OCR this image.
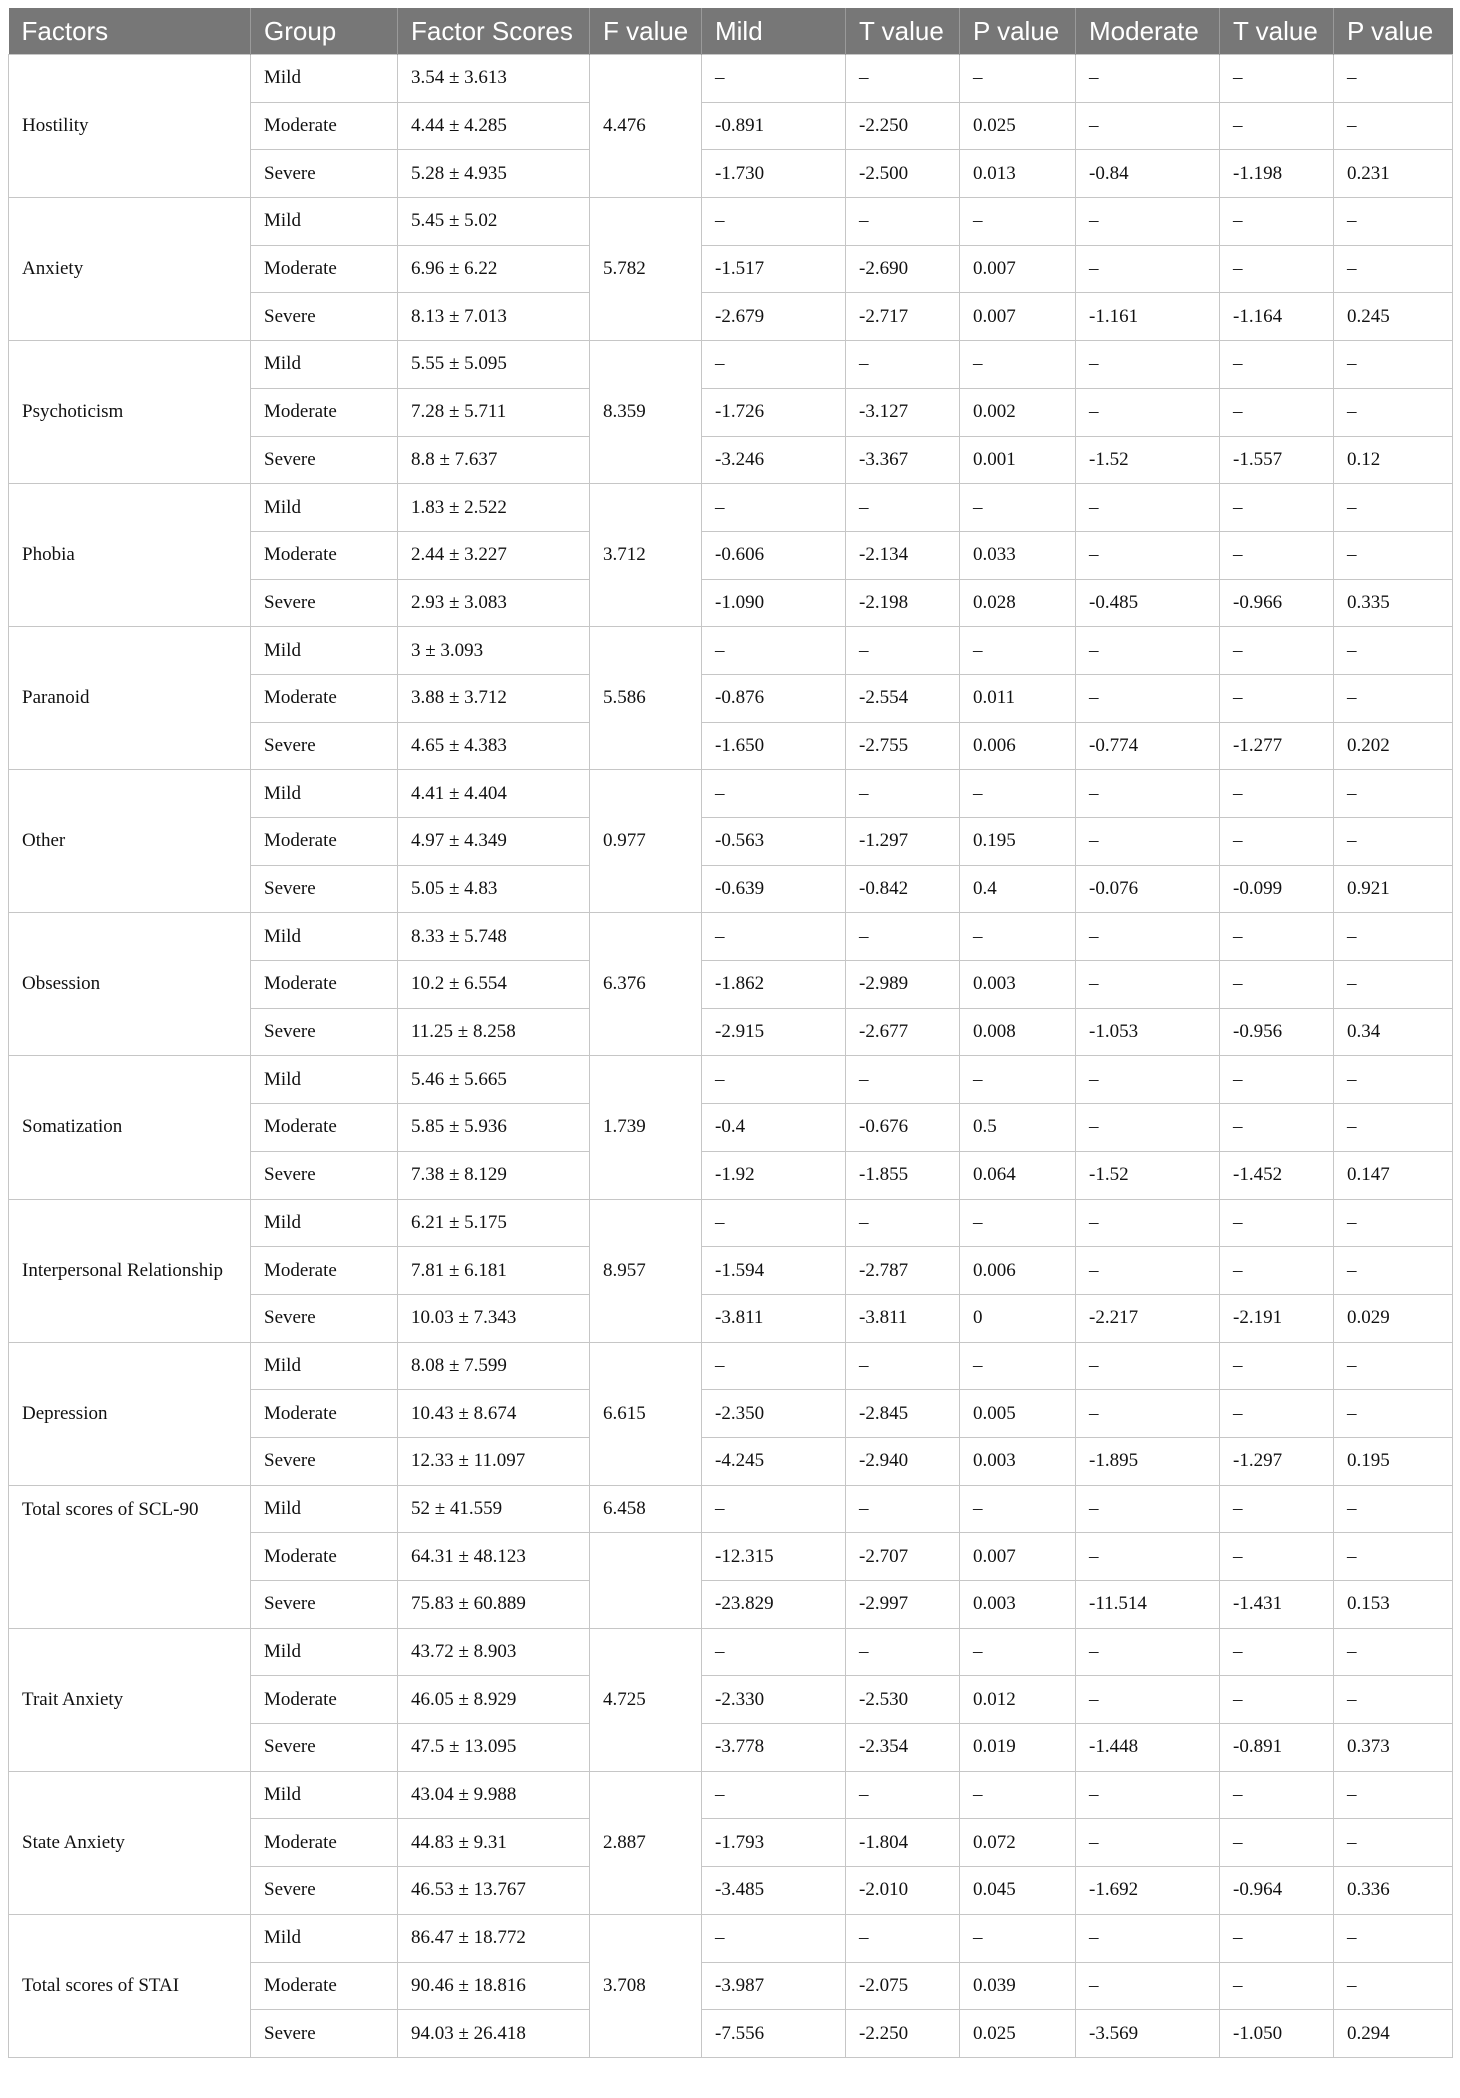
Factors	Group	Factor Scores	F value	Mild	T value	P value	Moderate	T value	P value
Hostility	Mild	3.54 ± 3.613	4.476	–	–	–	–	–	–
	Moderate	4.44 ± 4.285		-0.891	-2.250	0.025	–	–	–
	Severe	5.28 ± 4.935		-1.730	-2.500	0.013	-0.84	-1.198	0.231
Anxiety	Mild	5.45 ± 5.02	5.782	–	–	–	–	–	–
	Moderate	6.96 ± 6.22		-1.517	-2.690	0.007	–	–	–
	Severe	8.13 ± 7.013		-2.679	-2.717	0.007	-1.161	-1.164	0.245
Psychoticism	Mild	5.55 ± 5.095	8.359	–	–	–	–	–	–
	Moderate	7.28 ± 5.711		-1.726	-3.127	0.002	–	–	–
	Severe	8.8 ± 7.637		-3.246	-3.367	0.001	-1.52	-1.557	0.12
Phobia	Mild	1.83 ± 2.522	3.712	–	–	–	–	–	–
	Moderate	2.44 ± 3.227		-0.606	-2.134	0.033	–	–	–
	Severe	2.93 ± 3.083		-1.090	-2.198	0.028	-0.485	-0.966	0.335
Paranoid	Mild	3 ± 3.093	5.586	–	–	–	–	–	–
	Moderate	3.88 ± 3.712		-0.876	-2.554	0.011	–	–	–
	Severe	4.65 ± 4.383		-1.650	-2.755	0.006	-0.774	-1.277	0.202
Other	Mild	4.41 ± 4.404	0.977	–	–	–	–	–	–
	Moderate	4.97 ± 4.349		-0.563	-1.297	0.195	–	–	–
	Severe	5.05 ± 4.83		-0.639	-0.842	0.4	-0.076	-0.099	0.921
Obsession	Mild	8.33 ± 5.748	6.376	–	–	–	–	–	–
	Moderate	10.2 ± 6.554		-1.862	-2.989	0.003	–	–	–
	Severe	11.25 ± 8.258		-2.915	-2.677	0.008	-1.053	-0.956	0.34
Somatization	Mild	5.46 ± 5.665	1.739	–	–	–	–	–	–
	Moderate	5.85 ± 5.936		-0.4	-0.676	0.5	–	–	–
	Severe	7.38 ± 8.129		-1.92	-1.855	0.064	-1.52	-1.452	0.147
Interpersonal Relationship	Mild	6.21 ± 5.175	8.957	–	–	–	–	–	–
	Moderate	7.81 ± 6.181		-1.594	-2.787	0.006	–	–	–
	Severe	10.03 ± 7.343		-3.811	-3.811	0	-2.217	-2.191	0.029
Depression	Mild	8.08 ± 7.599	6.615	–	–	–	–	–	–
	Moderate	10.43 ± 8.674		-2.350	-2.845	0.005	–	–	–
	Severe	12.33 ± 11.097		-4.245	-2.940	0.003	-1.895	-1.297	0.195
Total scores of SCL-90	Mild	52 ± 41.559	6.458	–	–	–	–	–	–
	Moderate	64.31 ± 48.123		-12.315	-2.707	0.007	–	–	–
	Severe	75.83 ± 60.889		-23.829	-2.997	0.003	-11.514	-1.431	0.153
Trait Anxiety	Mild	43.72 ± 8.903	4.725	–	–	–	–	–	–
	Moderate	46.05 ± 8.929		-2.330	-2.530	0.012	–	–	–
	Severe	47.5 ± 13.095		-3.778	-2.354	0.019	-1.448	-0.891	0.373
State Anxiety	Mild	43.04 ± 9.988	2.887	–	–	–	–	–	–
	Moderate	44.83 ± 9.31		-1.793	-1.804	0.072	–	–	–
	Severe	46.53 ± 13.767		-3.485	-2.010	0.045	-1.692	-0.964	0.336
Total scores of STAI	Mild	86.47 ± 18.772	3.708	–	–	–	–	–	–
	Moderate	90.46 ± 18.816		-3.987	-2.075	0.039	–	–	–
	Severe	94.03 ± 26.418		-7.556	-2.250	0.025	-3.569	-1.050	0.294
